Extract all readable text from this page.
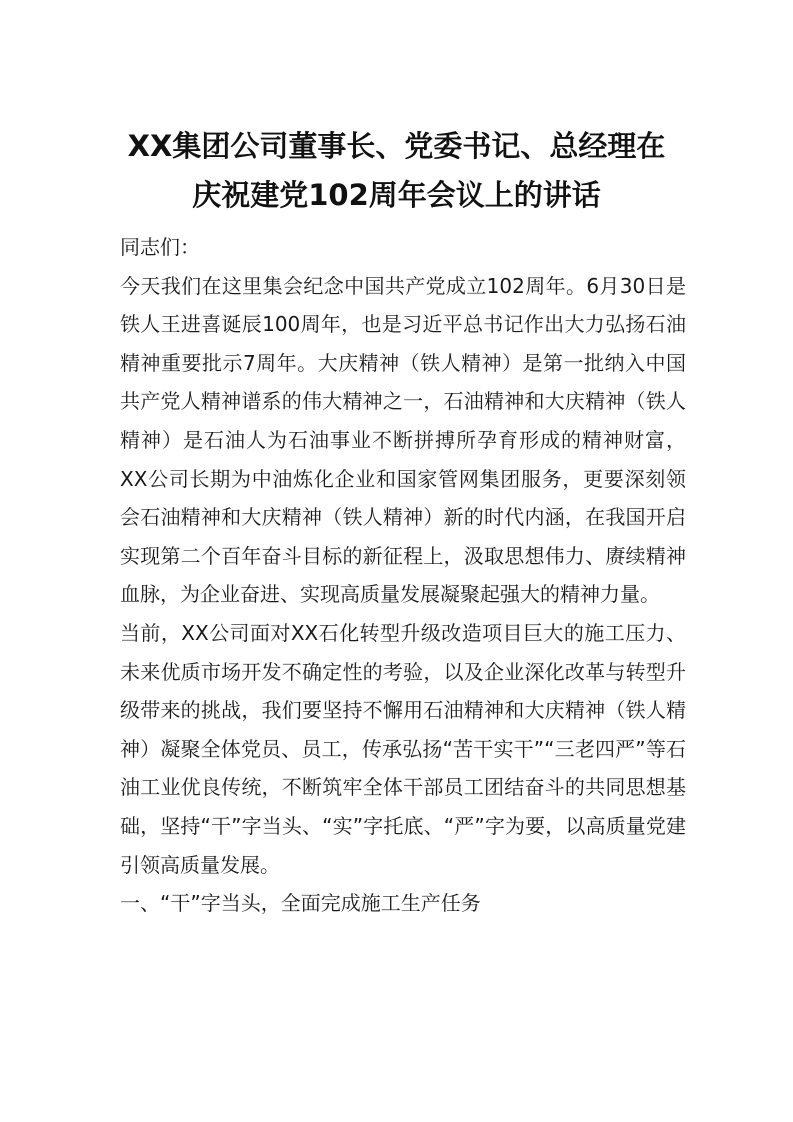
XX集团公司董事长、党委书记、总经理在
庆祝建党102周年会议上的讲话

同志们：

今天我们在这里集会纪念中国共产党成立102周年。6月30日是铁人王进喜诞辰100周年，也是习近平总书记作出大力弘扬石油精神重要批示7周年。大庆精神（铁人精神）是第一批纳入中国共产党人精神谱系的伟大精神之一，石油精神和大庆精神（铁人精神）是石油人为石油事业不断拼搏所孕育形成的精神财富，XX公司长期为中油炼化企业和国家管网集团服务，更要深刻领会石油精神和大庆精神（铁人精神）新的时代内涵，在我国开启实现第二个百年奋斗目标的新征程上，汲取思想伟力、赓续精神血脉，为企业奋进、实现高质量发展凝聚起强大的精神力量。

当前，XX公司面对XX石化转型升级改造项目巨大的施工压力、未来优质市场开发不确定性的考验，以及企业深化改革与转型升级带来的挑战，我们要坚持不懈用石油精神和大庆精神（铁人精神）凝聚全体党员、员工，传承弘扬“苦干实干”“三老四严”等石油工业优良传统，不断筑牢全体干部员工团结奋斗的共同思想基础，坚持“干”字当头、“实”字托底、“严”字为要，以高质量党建引领高质量发展。

一、“干”字当头，全面完成施工生产任务
